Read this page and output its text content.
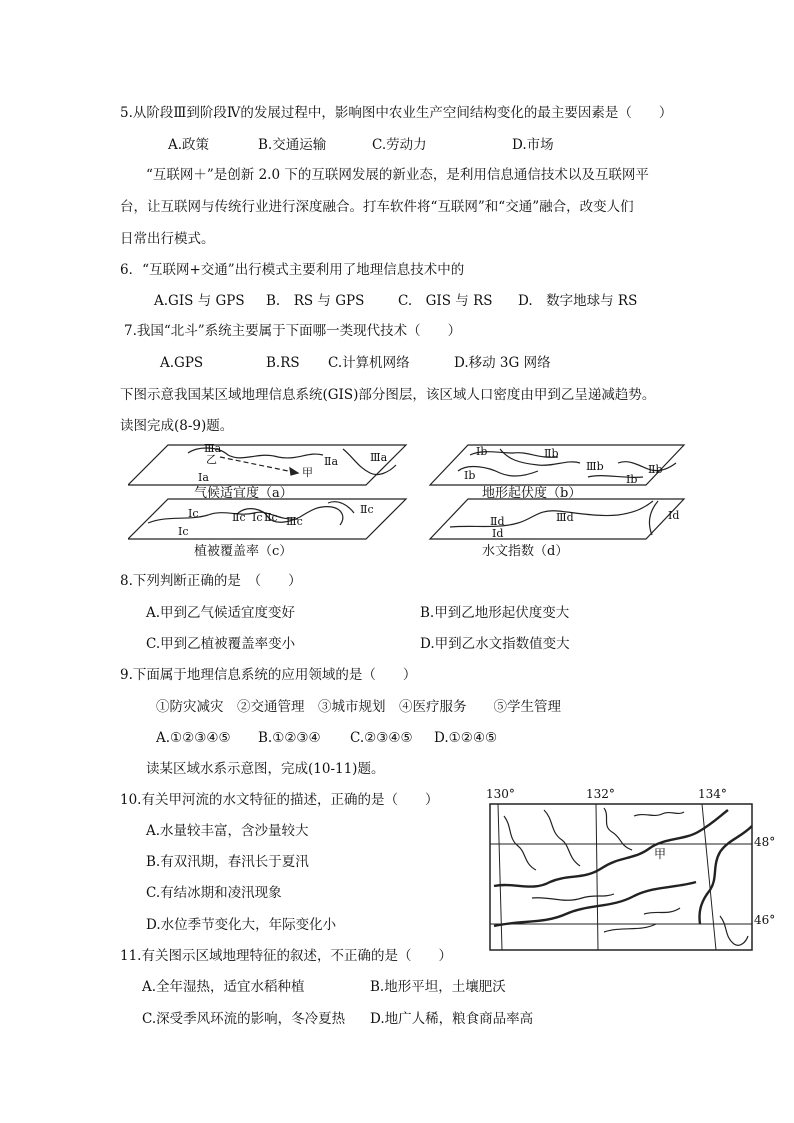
5.从阶段Ⅲ到阶段Ⅳ的发展过程中，影响图中农业生产空间结构变化的最主要因素是（　　）
A.政策	B.交通运输	C.劳动力	D.市场
“互联网＋”是创新 2.0 下的互联网发展的新业态，是利用信息通信技术以及互联网平
台，让互联网与传统行业进行深度融合。打车软件将“互联网”和“交通”融合，改变人们
日常出行模式。
6．“互联网+交通”出行模式主要利用了地理信息技术中的
A.GIS 与 GPS B.　RS 与 GPS C.　GIS 与 RS D.　数字地球与 RS
7.我国“北斗”系统主要属于下面哪一类现代技术（　　）
A.GPS	B.RS C.计算机网络	D.移动 3G 网络
下图示意我国某区域地理信息系统(GIS)部分图层，该区域人口密度由甲到乙呈递减趋势。
读图完成(8-9)题。
Ⅲa
Ⅱa	Ⅲa
Ⅰa
乙
甲
Ⅰb	Ⅱb
Ⅲb
Ⅰb	Ⅰb
Ⅱb
Ⅰc	Ⅱc	Ⅲc
Ⅱc
Ⅰc
Ⅱc
Ⅰc	Ⅱd	Ⅲd	Ⅰd
Ⅰd
气候适宜度（a）	地形起伏度（b）
植被覆盖率（c）	水文指数（d）
8.下列判断正确的是　（　　）
A.甲到乙气候适宜度变好	B.甲到乙地形起伏度变大
C.甲到乙植被覆盖率变小	D.甲到乙水文指数值变大
9.下面属于地理信息系统的应用领域的是（　　）
①防灾减灾　②交通管理　③城市规划　④医疗服务　　⑤学生管理
A.①②③④⑤ B.①②③④ C.②③④⑤ D.①②④⑤
读某区域水系示意图，完成(10-11)题。
10.有关甲河流的水文特征的描述，正确的是（　　）
A.水量较丰富，含沙量较大
B.有双汛期，春汛长于夏汛
C.有结冰期和凌汛现象
D.水位季节变化大，年际变化小
130°	132°	134°
48°
46°
甲
11.有关图示区域地理特征的叙述，不正确的是（　　）
A.全年湿热，适宜水稻种植	B.地形平坦，土壤肥沃
C.深受季风环流的影响，冬冷夏热 D.地广人稀，粮食商品率高
